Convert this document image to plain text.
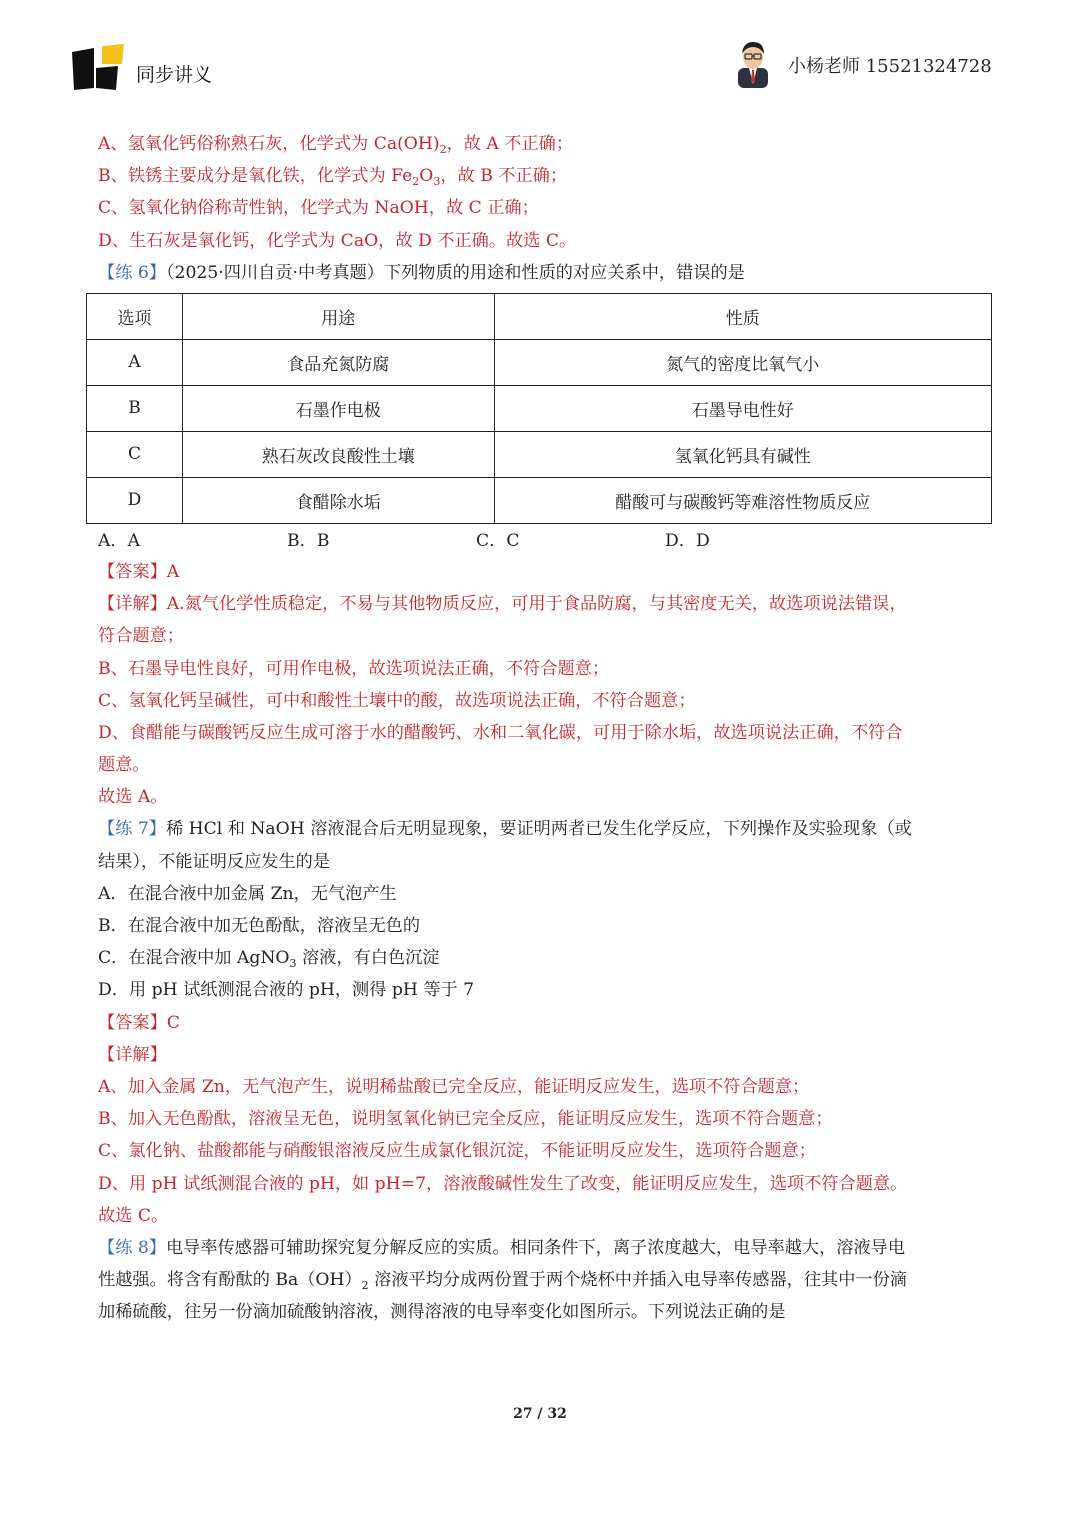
同步讲义	小杨老师 15521324728
A、氢氧化钙俗称熟石灰，化学式为 $Ca(OH)_2$，故 A 不正确；
B、铁锈主要成分是氧化铁，化学式为 $Fe_2O_3$，故 B 不正确；
C、氢氧化钠俗称苛性钠，化学式为 NaOH，故 C 正确；
D、生石灰是氧化钙，化学式为 CaO，故 D 不正确。故选 C。
【练 6】（2025·四川自贡·中考真题）下列物质的用途和性质的对应关系中，错误的是
选项	用途	性质
A	食品充氮防腐	氮气的密度比氧气小
B	石墨作电极	石墨导电性好
C	熟石灰改良酸性土壤	氢氧化钙具有碱性
D	食醋除水垢	醋酸可与碳酸钙等难溶性物质反应
A．A	B．B	C．C	D．D
【答案】A
【详解】A.氮气化学性质稳定，不易与其他物质反应，可用于食品防腐，与其密度无关，故选项说法错误，
符合题意；
B、石墨导电性良好，可用作电极，故选项说法正确，不符合题意；
C、氢氧化钙呈碱性，可中和酸性土壤中的酸，故选项说法正确，不符合题意；
D、食醋能与碳酸钙反应生成可溶于水的醋酸钙、水和二氧化碳，可用于除水垢，故选项说法正确，不符合
题意。
故选 A。
【练 7】稀 HCl 和 NaOH 溶液混合后无明显现象，要证明两者已发生化学反应，下列操作及实验现象（或
结果），不能证明反应发生的是
A．在混合液中加金属 Zn，无气泡产生
B．在混合液中加无色酚酞，溶液呈无色的
C．在混合液中加 AgNO$_3$ 溶液，有白色沉淀
D．用 pH 试纸测混合液的 pH，测得 pH 等于 7
【答案】C
【详解】
A、加入金属 Zn，无气泡产生，说明稀盐酸已完全反应，能证明反应发生，选项不符合题意；
B、加入无色酚酞，溶液呈无色，说明氢氧化钠已完全反应，能证明反应发生，选项不符合题意；
C、氯化钠、盐酸都能与硝酸银溶液反应生成氯化银沉淀，不能证明反应发生，选项符合题意；
D、用 pH 试纸测混合液的 pH，如 pH=7，溶液酸碱性发生了改变，能证明反应发生，选项不符合题意。
故选 C。
【练 8】电导率传感器可辅助探究复分解反应的实质。相同条件下，离子浓度越大，电导率越大，溶液导电
性越强。将含有酚酞的 $Ba(OH)_2$ 溶液平均分成两份置于两个烧杯中并插入电导率传感器，往其中一份滴
加稀硫酸，往另一份滴加硫酸钠溶液，测得溶液的电导率变化如图所示。下列说法正确的是
27 / 32
